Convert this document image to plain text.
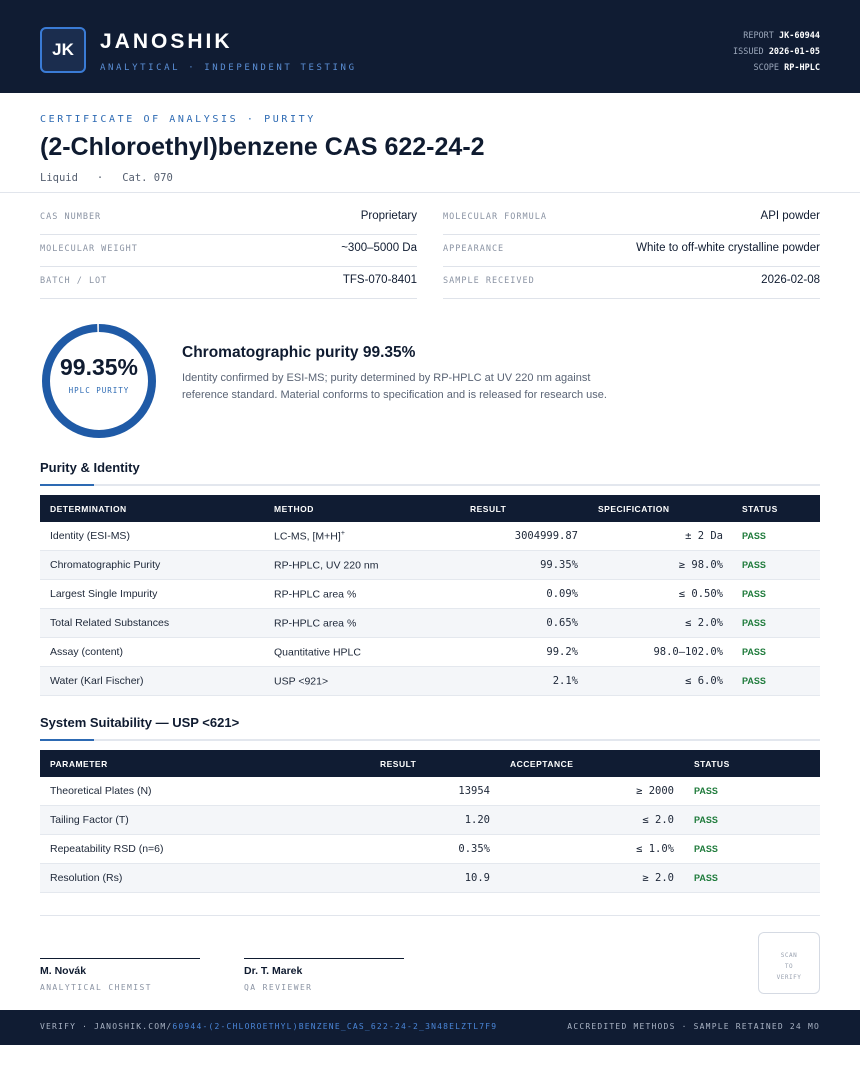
JK	JANOSHIK
ANALYTICAL · INDEPENDENT TESTING
REPORT JK-60944
ISSUED 2026-01-05
SCOPE RP-HPLC
CERTIFICATE OF ANALYSIS · PURITY
(2-Chloroethyl)benzene CAS 622-24-2
Liquid · Cat. 070
CAS NUMBER	Proprietary	MOLECULAR FORMULA	API powder
MOLECULAR WEIGHT	~300–5000 Da	APPEARANCE	White to off-white crystalline powder
BATCH / LOT	TFS-070-8401	SAMPLE RECEIVED	2026-02-08
99.35%
HPLC PURITY
Chromatographic purity 99.35%
Identity confirmed by ESI-MS; purity determined by RP-HPLC at UV 220 nm against reference standard. Material conforms to specification and is released for research use.
Purity & Identity
DETERMINATION	METHOD	RESULT	SPECIFICATION	STATUS
Identity (ESI-MS)	LC-MS, [M+H]+	3004999.87	± 2 Da PASS
Chromatographic Purity	RP-HPLC, UV 220 nm	99.35%	≥ 98.0% PASS
Largest Single Impurity	RP-HPLC area %	0.09%	≤ 0.50% PASS
Total Related Substances	RP-HPLC area %	0.65%	≤ 2.0% PASS
Assay (content)	Quantitative HPLC	99.2%	98.0–102.0% PASS
Water (Karl Fischer)	USP <921>	2.1%	≤ 6.0% PASS
System Suitability — USP <621>
PARAMETER	RESULT	ACCEPTANCE	STATUS
Theoretical Plates (N)	13954	≥ 2000 PASS
Tailing Factor (T)	1.20	≤ 2.0 PASS
Repeatability RSD (n=6)	0.35%	≤ 1.0% PASS
Resolution (Rs)	10.9	≥ 2.0 PASS
M. Novák
ANALYTICAL CHEMIST
Dr. T. Marek
QA REVIEWER
SCAN
TO
VERIFY
VERIFY · JANOSHIK.COM/60944-(2-CHLOROETHYL)BENZENE_CAS_622-24-2_3N48ELZTL7F9	ACCREDITED METHODS · SAMPLE RETAINED 24 MO
